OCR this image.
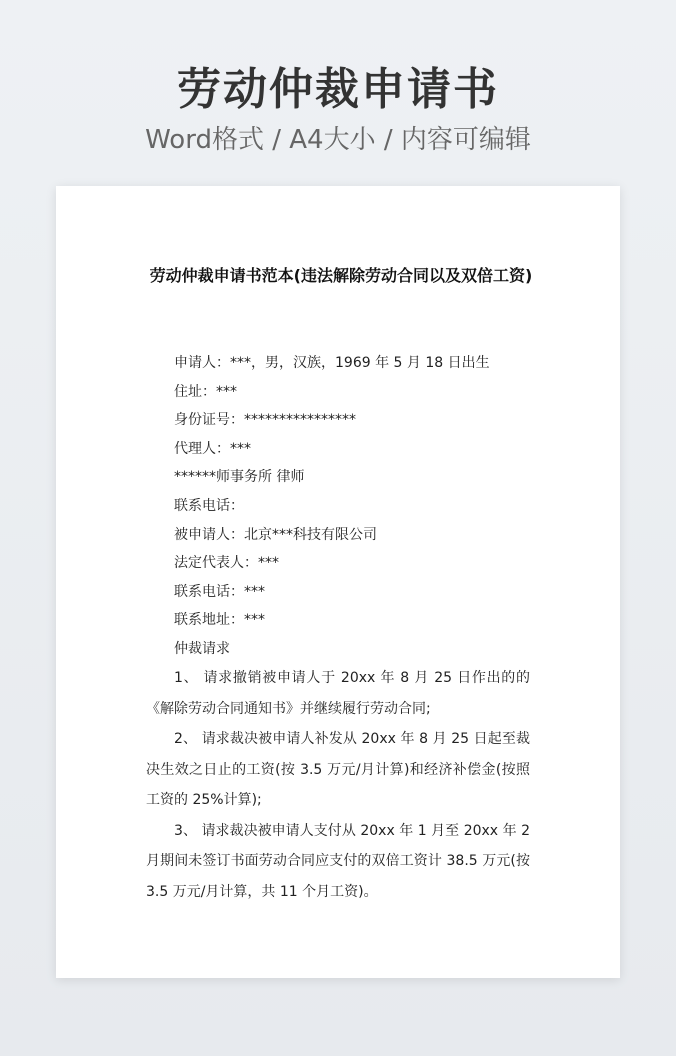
劳动仲裁申请书
Word格式 / A4大小 / 内容可编辑
劳动仲裁申请书范本(违法解除劳动合同以及双倍工资)
申请人：***，男，汉族，1969 年 5 月 18 日出生
住址：***
身份证号：****************
代理人：***
******师事务所 律师
联系电话：
被申请人：北京***科技有限公司
法定代表人：***
联系电话：***
联系地址：***
仲裁请求

1、 请求撤销被申请人于 20xx 年 8 月 25 日作出的的《解除劳动合同通知书》并继续履行劳动合同;

2、 请求裁决被申请人补发从 20xx 年 8 月 25 日起至裁决生效之日止的工资(按 3.5 万元/月计算)和经济补偿金(按照工资的 25%计算);

3、 请求裁决被申请人支付从 20xx 年 1 月至 20xx 年 2 月期间未签订书面劳动合同应支付的双倍工资计 38.5 万元(按 3.5 万元/月计算，共 11 个月工资)。
